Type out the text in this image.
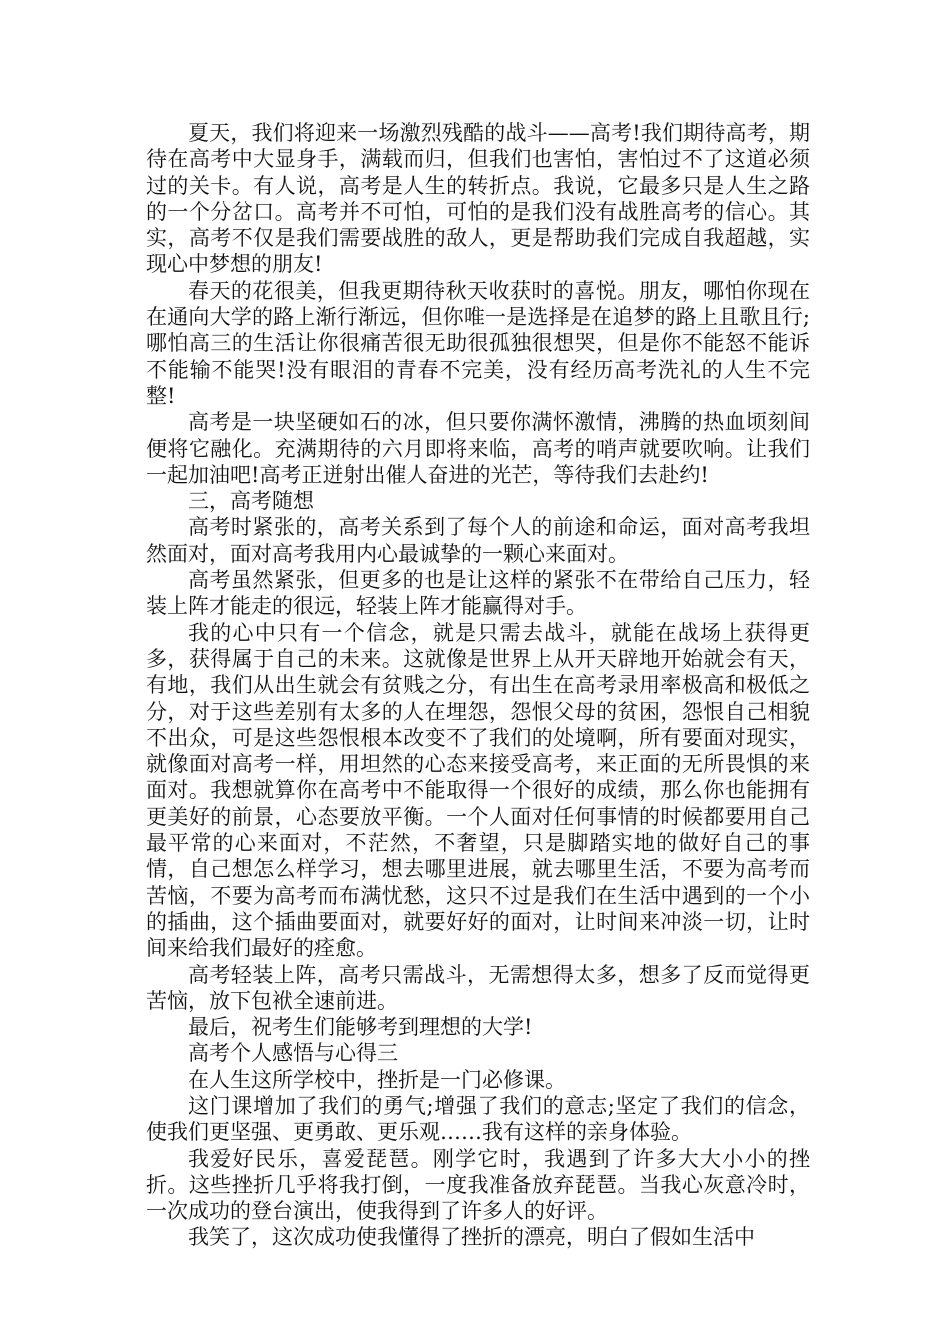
夏天，我们将迎来一场激烈残酷的战斗——高考!我们期待高考，期待在高考中大显身手，满载而归，但我们也害怕，害怕过不了这道必须过的关卡。有人说，高考是人生的转折点。我说，它最多只是人生之路的一个分岔口。高考并不可怕，可怕的是我们没有战胜高考的信心。其实，高考不仅是我们需要战胜的敌人，更是帮助我们完成自我超越，实现心中梦想的朋友!

春天的花很美，但我更期待秋天收获时的喜悦。朋友，哪怕你现在在通向大学的路上渐行渐远，但你唯一是选择是在追梦的路上且歌且行;哪怕高三的生活让你很痛苦很无助很孤独很想哭，但是你不能怒不能诉不能输不能哭!没有眼泪的青春不完美，没有经历高考洗礼的人生不完整!

高考是一块坚硬如石的冰，但只要你满怀激情，沸腾的热血顷刻间便将它融化。充满期待的六月即将来临，高考的哨声就要吹响。让我们一起加油吧!高考正迸射出催人奋进的光芒，等待我们去赴约!

三，高考随想

高考时紧张的，高考关系到了每个人的前途和命运，面对高考我坦然面对，面对高考我用内心最诚挚的一颗心来面对。

高考虽然紧张，但更多的也是让这样的紧张不在带给自己压力，轻装上阵才能走的很远，轻装上阵才能赢得对手。

我的心中只有一个信念，就是只需去战斗，就能在战场上获得更多，获得属于自己的未来。这就像是世界上从开天辟地开始就会有天，有地，我们从出生就会有贫贱之分，有出生在高考录用率极高和极低之分，对于这些差别有太多的人在埋怨，怨恨父母的贫困，怨恨自己相貌不出众，可是这些怨恨根本改变不了我们的处境啊，所有要面对现实，就像面对高考一样，用坦然的心态来接受高考，来正面的无所畏惧的来面对。我想就算你在高考中不能取得一个很好的成绩，那么你也能拥有更美好的前景，心态要放平衡。一个人面对任何事情的时候都要用自己最平常的心来面对，不茫然，不奢望，只是脚踏实地的做好自己的事情，自己想怎么样学习，想去哪里进展，就去哪里生活，不要为高考而苦恼，不要为高考而布满忧愁，这只不过是我们在生活中遇到的一个小的插曲，这个插曲要面对，就要好好的面对，让时间来冲淡一切，让时间来给我们最好的痊愈。

高考轻装上阵，高考只需战斗，无需想得太多，想多了反而觉得更苦恼，放下包袱全速前进。

最后，祝考生们能够考到理想的大学!

高考个人感悟与心得三

在人生这所学校中，挫折是一门必修课。

这门课增加了我们的勇气;增强了我们的意志;坚定了我们的信念，使我们更坚强、更勇敢、更乐观……我有这样的亲身体验。

我爱好民乐，喜爱琵琶。刚学它时，我遇到了许多大大小小的挫折。这些挫折几乎将我打倒，一度我准备放弃琵琶。当我心灰意冷时，一次成功的登台演出，使我得到了许多人的好评。

我笑了，这次成功使我懂得了挫折的漂亮，明白了假如生活中
